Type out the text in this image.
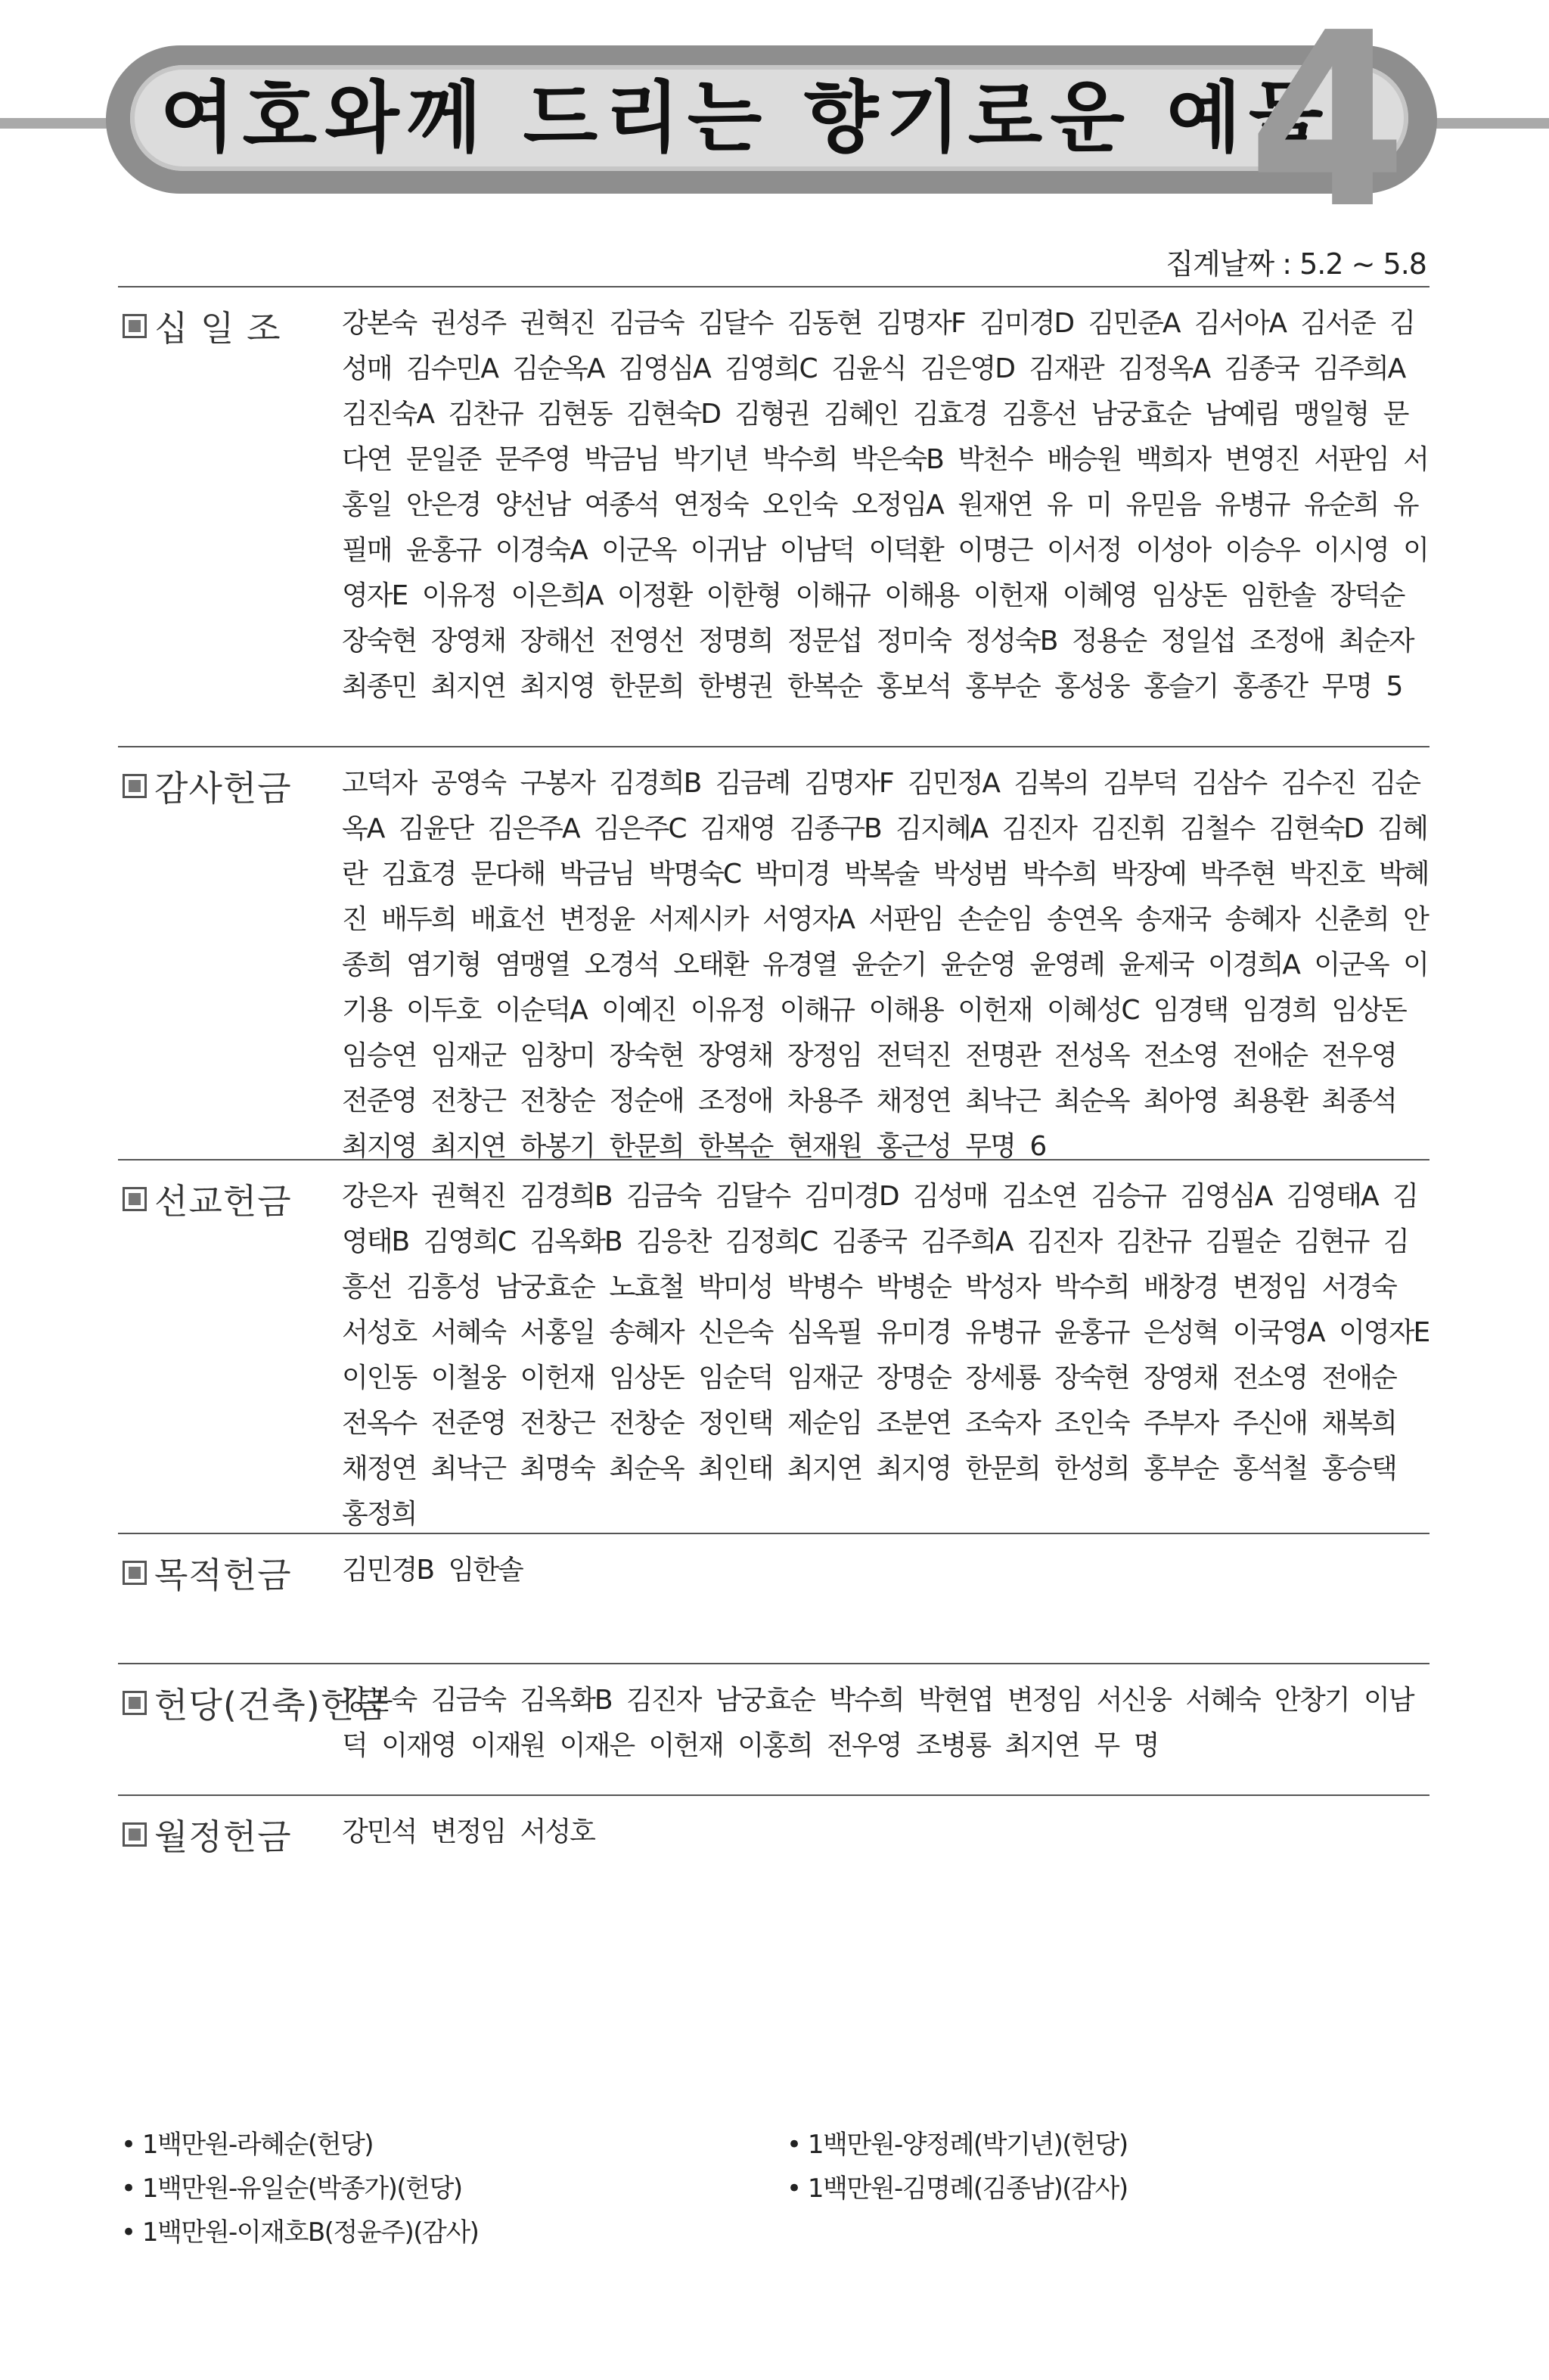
여호와께 드리는 향기로운 예물
4
집계날짜 : 5.2 ~ 5.8
십 일 조 강본숙 권성주 권혁진 김금숙 김달수 김동현 김명자F 김미경D 김민준A 김서아A 김서준 김성매 김수민A 김순옥A 김영심A 김영희C 김윤식 김은영D 김재관 김정옥A 김종국 김주희A 김진숙A 김찬규 김현동 김현숙D 김형권 김혜인 김효경 김흥선 남궁효순 남예림 맹일형 문다연 문일준 문주영 박금님 박기년 박수희 박은숙B 박천수 배승원 백희자 변영진 서판임 서홍일 안은경 양선남 여종석 연정숙 오인숙 오정임A 원재연 유 미 유믿음 유병규 유순희 유필매 윤홍규 이경숙A 이군옥 이귀남 이남덕 이덕환 이명근 이서정 이성아 이승우 이시영 이영자E 이유정 이은희A 이정환 이한형 이해규 이해용 이헌재 이혜영 임상돈 임한솔 장덕순 장숙현 장영채 장해선 전영선 정명희 정문섭 정미숙 정성숙B 정용순 정일섭 조정애 최순자 최종민 최지연 최지영 한문희 한병권 한복순 홍보석 홍부순 홍성웅 홍슬기 홍종간 무명 5
감사헌금 고덕자 공영숙 구봉자 김경희B 김금례 김명자F 김민정A 김복의 김부덕 김삼수 김수진 김순옥A 김윤단 김은주A 김은주C 김재영 김종구B 김지혜A 김진자 김진휘 김철수 김현숙D 김혜란 김효경 문다해 박금님 박명숙C 박미경 박복술 박성범 박수희 박장예 박주현 박진호 박혜진 배두희 배효선 변정윤 서제시카 서영자A 서판임 손순임 송연옥 송재국 송혜자 신춘희 안종희 염기형 염맹열 오경석 오태환 유경열 윤순기 윤순영 윤영례 윤제국 이경희A 이군옥 이기용 이두호 이순덕A 이예진 이유정 이해규 이해용 이헌재 이혜성C 임경택 임경희 임상돈 임승연 임재군 임창미 장숙현 장영채 장정임 전덕진 전명관 전성옥 전소영 전애순 전우영 전준영 전창근 전창순 정순애 조정애 차용주 채정연 최낙근 최순옥 최아영 최용환 최종석 최지영 최지연 하봉기 한문희 한복순 현재원 홍근성 무명 6
선교헌금 강은자 권혁진 김경희B 김금숙 김달수 김미경D 김성매 김소연 김승규 김영심A 김영태A 김영태B 김영희C 김옥화B 김응찬 김정희C 김종국 김주희A 김진자 김찬규 김필순 김현규 김흥선 김흥성 남궁효순 노효철 박미성 박병수 박병순 박성자 박수희 배창경 변정임 서경숙 서성호 서혜숙 서홍일 송혜자 신은숙 심옥필 유미경 유병규 윤홍규 은성혁 이국영A 이영자E 이인동 이철웅 이헌재 임상돈 임순덕 임재군 장명순 장세룡 장숙현 장영채 전소영 전애순 전옥수 전준영 전창근 전창순 정인택 제순임 조분연 조숙자 조인숙 주부자 주신애 채복희 채정연 최낙근 최명숙 최순옥 최인태 최지연 최지영 한문희 한성희 홍부순 홍석철 홍승택 홍정희
목적헌금 김민경B 임한솔
헌당(건축)헌금
강본숙 김금숙 김옥화B 김진자 남궁효순 박수희 박현엽 변정임 서신웅 서혜숙 안창기 이남덕 이재영 이재원 이재은 이헌재 이홍희 전우영 조병룡 최지연 무 명
월정헌금 강민석 변정임 서성호
• 1백만원-라혜순(헌당)
• 1백만원-유일순(박종가)(헌당)
• 1백만원-이재호B(정윤주)(감사)
• 1백만원-양정례(박기년)(헌당)
• 1백만원-김명례(김종남)(감사)
